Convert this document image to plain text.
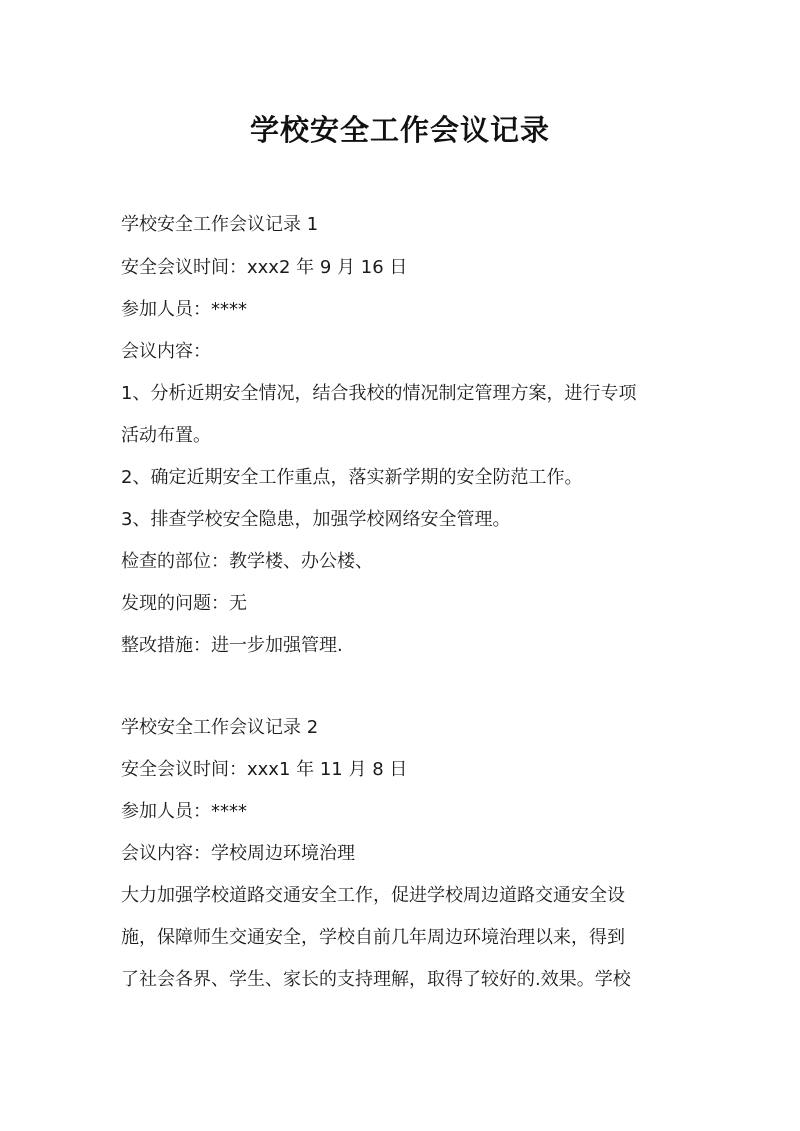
学校安全工作会议记录
学校安全工作会议记录 1
安全会议时间：xxx2 年 9 月 16 日
参加人员：****
会议内容：
1、分析近期安全情况，结合我校的情况制定管理方案，进行专项
活动布置。
2、确定近期安全工作重点，落实新学期的安全防范工作。
3、排查学校安全隐患，加强学校网络安全管理。
检查的部位：教学楼、办公楼、
发现的问题：无
整改措施：进一步加强管理.
学校安全工作会议记录 2
安全会议时间：xxx1 年 11 月 8 日
参加人员：****
会议内容：学校周边环境治理
大力加强学校道路交通安全工作，促进学校周边道路交通安全设
施，保障师生交通安全，学校自前几年周边环境治理以来，得到
了社会各界、学生、家长的支持理解，取得了较好的.效果。学校
